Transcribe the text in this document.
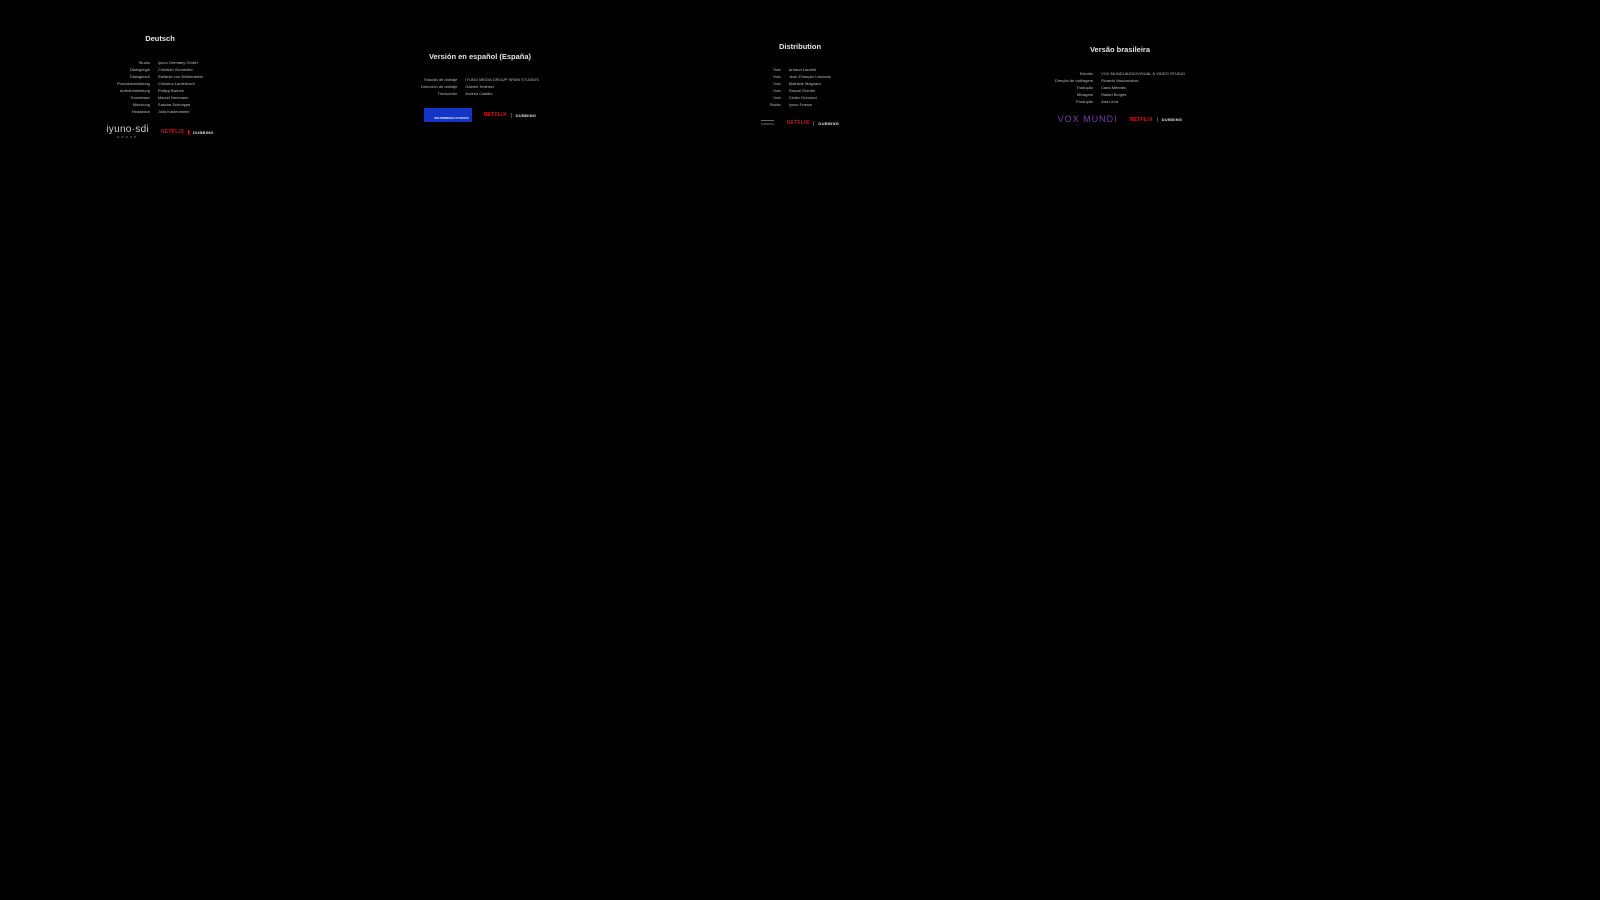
Deutsch
Studio Iyuno Germany GmbH
Dialogregie Christian Schneider
Dialogbuch Stefanie von Wolkenstein
Produktionsleitung Christina Lauterbach
Aufnahmeleitung Philipp Barnes
Tonmeister Marcel Neumann
Mischung Sascha Schnappe
Redaktion Julia Kastenmeier
iyuno·sdi
GROUP
NETFLIX DUBBING
Versión en español (España)
Estudio de doblaje IYUNO MEDIA GROUP SPAIN STUDIOS
Dirección de doblaje Gabriel Jiménez
Traducción Andrea Castillo
SOUNDMEDIA STUDIOS	NETFLIX DUBBING
Distribution
Voix Arnaud Laurent
Voix Jean-François Lescurat
Voix Mathilde Magnard
Voix Pascal Grenier
Voix Cédric Dumond
Studio Iyuno France
DUBBING NETFLIX DUBBING
Versão brasileira
Estúdio VOX MUNDI AUDIOVISUAL & VIDEO STUDIO
Direção de dublagem Ricardo Vasconcelos
Tradução Carla Mendes
Mixagem Rafael Borges
Produção Ana Lima
VOX MUNDI NETFLIX DUBBING
